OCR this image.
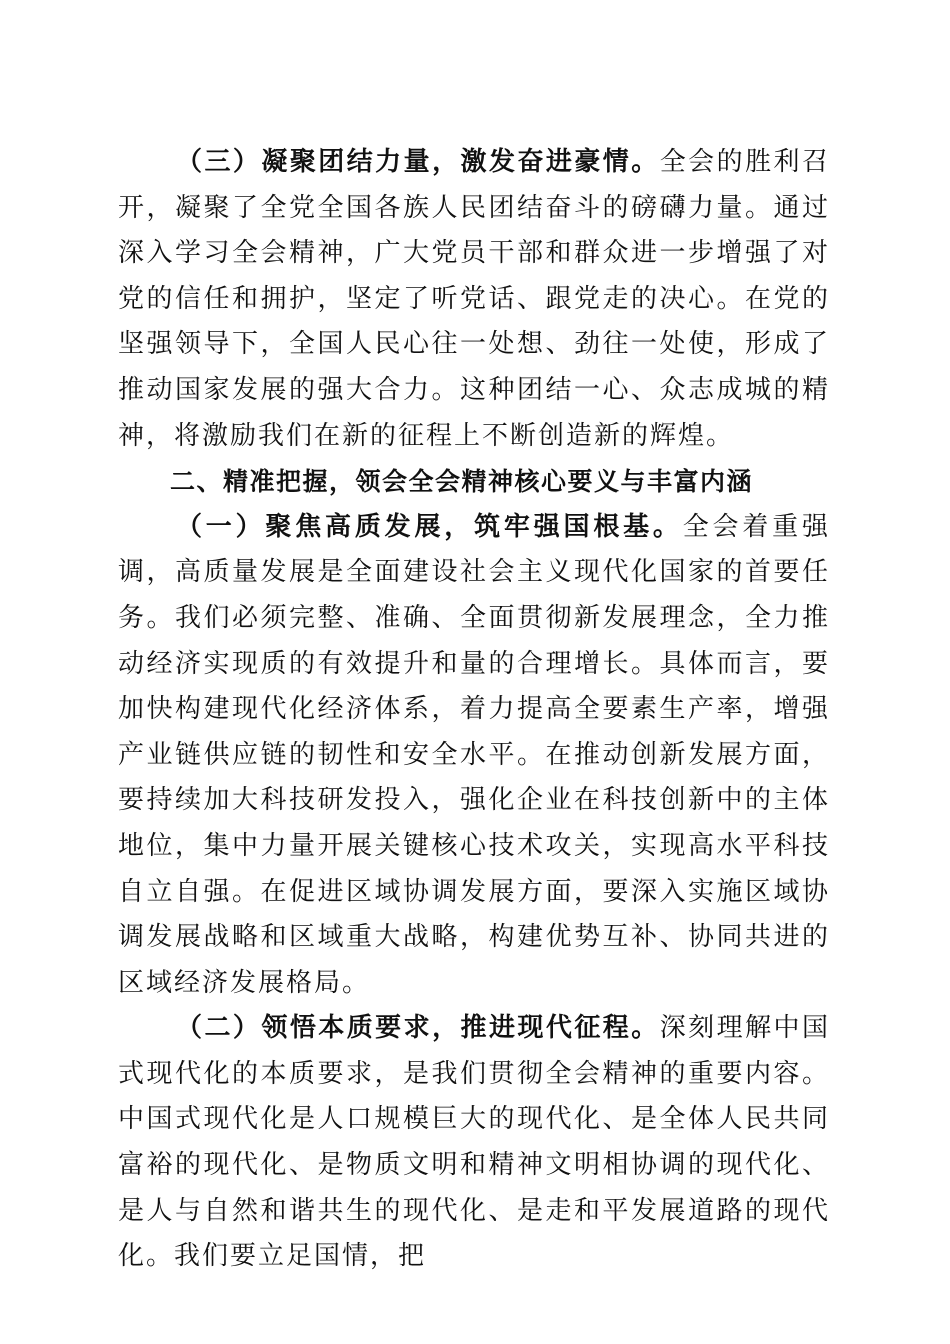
（三）凝聚团结力量，激发奋进豪情。全会的胜利召开，凝聚了全党全国各族人民团结奋斗的磅礴力量。通过深入学习全会精神，广大党员干部和群众进一步增强了对党的信任和拥护，坚定了听党话、跟党走的决心。在党的坚强领导下，全国人民心往一处想、劲往一处使，形成了推动国家发展的强大合力。这种团结一心、众志成城的精神，将激励我们在新的征程上不断创造新的辉煌。

二、精准把握，领会全会精神核心要义与丰富内涵

（一）聚焦高质发展，筑牢强国根基。全会着重强调，高质量发展是全面建设社会主义现代化国家的首要任务。我们必须完整、准确、全面贯彻新发展理念，全力推动经济实现质的有效提升和量的合理增长。具体而言，要加快构建现代化经济体系，着力提高全要素生产率，增强产业链供应链的韧性和安全水平。在推动创新发展方面，要持续加大科技研发投入，强化企业在科技创新中的主体地位，集中力量开展关键核心技术攻关，实现高水平科技自立自强。在促进区域协调发展方面，要深入实施区域协调发展战略和区域重大战略，构建优势互补、协同共进的区域经济发展格局。

（二）领悟本质要求，推进现代征程。深刻理解中国式现代化的本质要求，是我们贯彻全会精神的重要内容。中国式现代化是人口规模巨大的现代化、是全体人民共同富裕的现代化、是物质文明和精神文明相协调的现代化、是人与自然和谐共生的现代化、是走和平发展道路的现代化。我们要立足国情，把
